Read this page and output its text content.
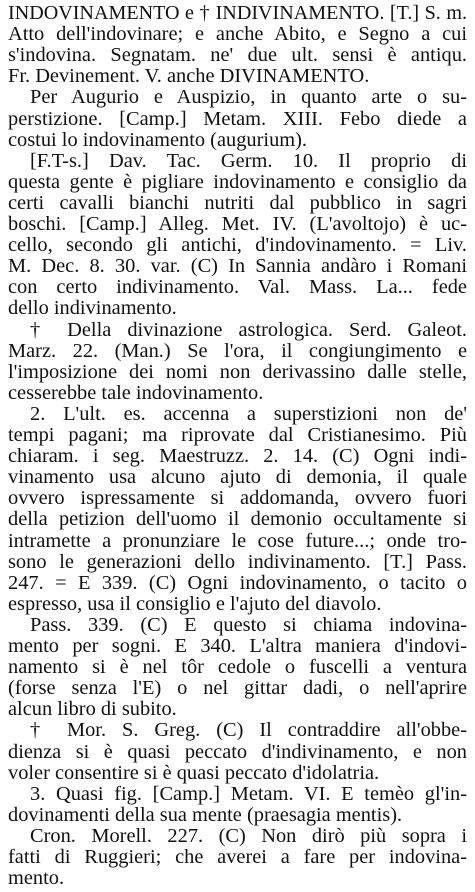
INDOVINAMENTO e † INDIVINAMENTO. [T.] S. m.
Atto dell'indovinare; e anche Abito, e Segno a cui
s'indovina. Segnatam. ne' due ult. sensi è antiqu.
Fr. Devinement. V. anche DIVINAMENTO.
Per Augurio e Auspizio, in quanto arte o su-
perstizione. [Camp.] Metam. XIII. Febo diede a
costui lo indovinamento (augurium).
[F.T-s.] Dav. Tac. Germ. 10. Il proprio di
questa gente è pigliare indovinamento e consiglio da
certi cavalli bianchi nutriti dal pubblico in sagri
boschi. [Camp.] Alleg. Met. IV. (L'avoltojo) è uc-
cello, secondo gli antichi, d'indovinamento. = Liv.
M. Dec. 8. 30. var. (C) In Sannia andàro i Romani
con certo indivinamento. Val. Mass. La... fede
dello indivinamento.
† Della divinazione astrologica. Serd. Galeot.
Marz. 22. (Man.) Se l'ora, il congiungimento e
l'imposizione dei nomi non derivassino dalle stelle,
cesserebbe tale indovinamento.
2. L'ult. es. accenna a superstizioni non de'
tempi pagani; ma riprovate dal Cristianesimo. Più
chiaram. i seg. Maestruzz. 2. 14. (C) Ogni indi-
vinamento usa alcuno ajuto di demonia, il quale
ovvero ispressamente si addomanda, ovvero fuori
della petizion dell'uomo il demonio occultamente si
intramette a pronunziare le cose future...; onde tro-
sono le generazioni dello indivinamento. [T.] Pass.
247. = E 339. (C) Ogni indovinamento, o tacito o
espresso, usa il consiglio e l'ajuto del diavolo.
Pass. 339. (C) E questo si chiama indovina-
mento per sogni. E 340. L'altra maniera d'indovi-
namento si è nel tôr cedole o fuscelli a ventura
(forse senza l'E) o nel gittar dadi, o nell'aprire
alcun libro di subito.
† Mor. S. Greg. (C) Il contraddire all'obbe-
dienza si è quasi peccato d'indivinamento, e non
voler consentire si è quasi peccato d'idolatria.
3. Quasi fig. [Camp.] Metam. VI. E temèo gl'in-
dovinamenti della sua mente (praesagia mentis).
Cron. Morell. 227. (C) Non dirò più sopra i
fatti di Ruggieri; che averei a fare per indovina-
mento.
